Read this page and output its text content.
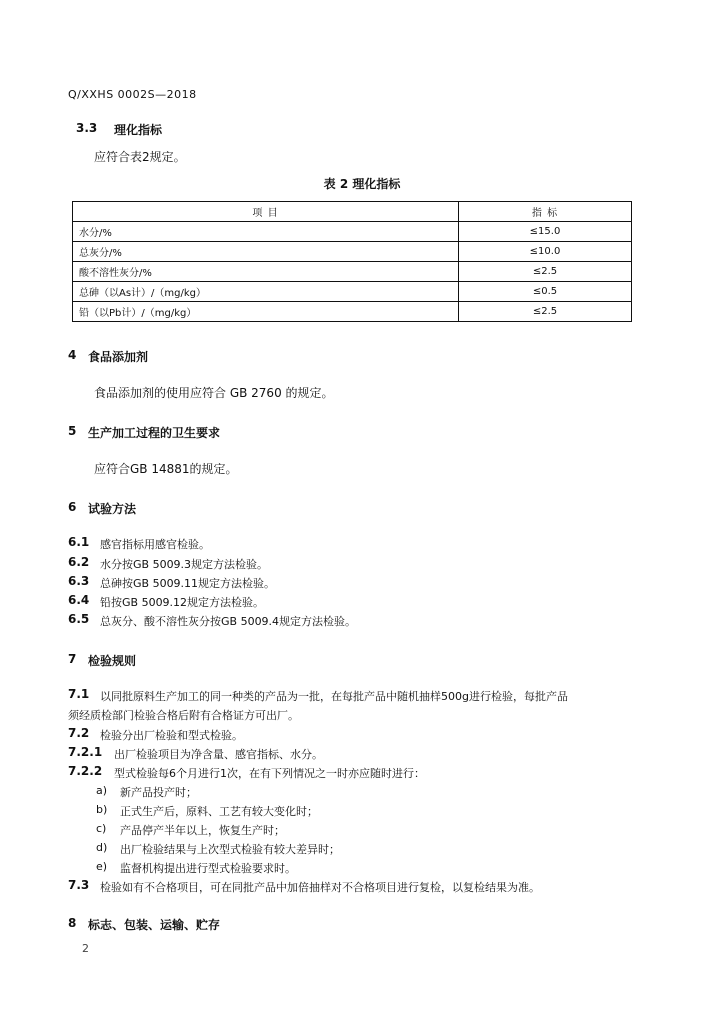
Q/XXHS 0002S—2018
3.3 理化指标
应符合表2规定。
表 2 理化指标
项 目	指 标
水分/%	≤15.0
总灰分/%	≤10.0
酸不溶性灰分/%	≤2.5
总砷（以As计）/（mg/kg）	≤0.5
铅（以Pb计）/（mg/kg）	≤2.5
4 食品添加剂
食品添加剂的使用应符合 GB 2760 的规定。
5 生产加工过程的卫生要求
应符合GB 14881的规定。
6 试验方法
6.1 感官指标用感官检验。
6.2 水分按GB 5009.3规定方法检验。
6.3 总砷按GB 5009.11规定方法检验。
6.4 铅按GB 5009.12规定方法检验。
6.5 总灰分、酸不溶性灰分按GB 5009.4规定方法检验。
7 检验规则
7.1 以同批原料生产加工的同一种类的产品为一批，在每批产品中随机抽样500g进行检验，每批产品
须经质检部门检验合格后附有合格证方可出厂。
7.2 检验分出厂检验和型式检验。
7.2.1 出厂检验项目为净含量、感官指标、水分。
7.2.2 型式检验每6个月进行1次，在有下列情况之一时亦应随时进行：
a) 新产品投产时；
b) 正式生产后，原料、工艺有较大变化时；
c) 产品停产半年以上，恢复生产时；
d) 出厂检验结果与上次型式检验有较大差异时；
e) 监督机构提出进行型式检验要求时。
7.3 检验如有不合格项目，可在同批产品中加倍抽样对不合格项目进行复检，以复检结果为准。
8 标志、包装、运输、贮存
2
